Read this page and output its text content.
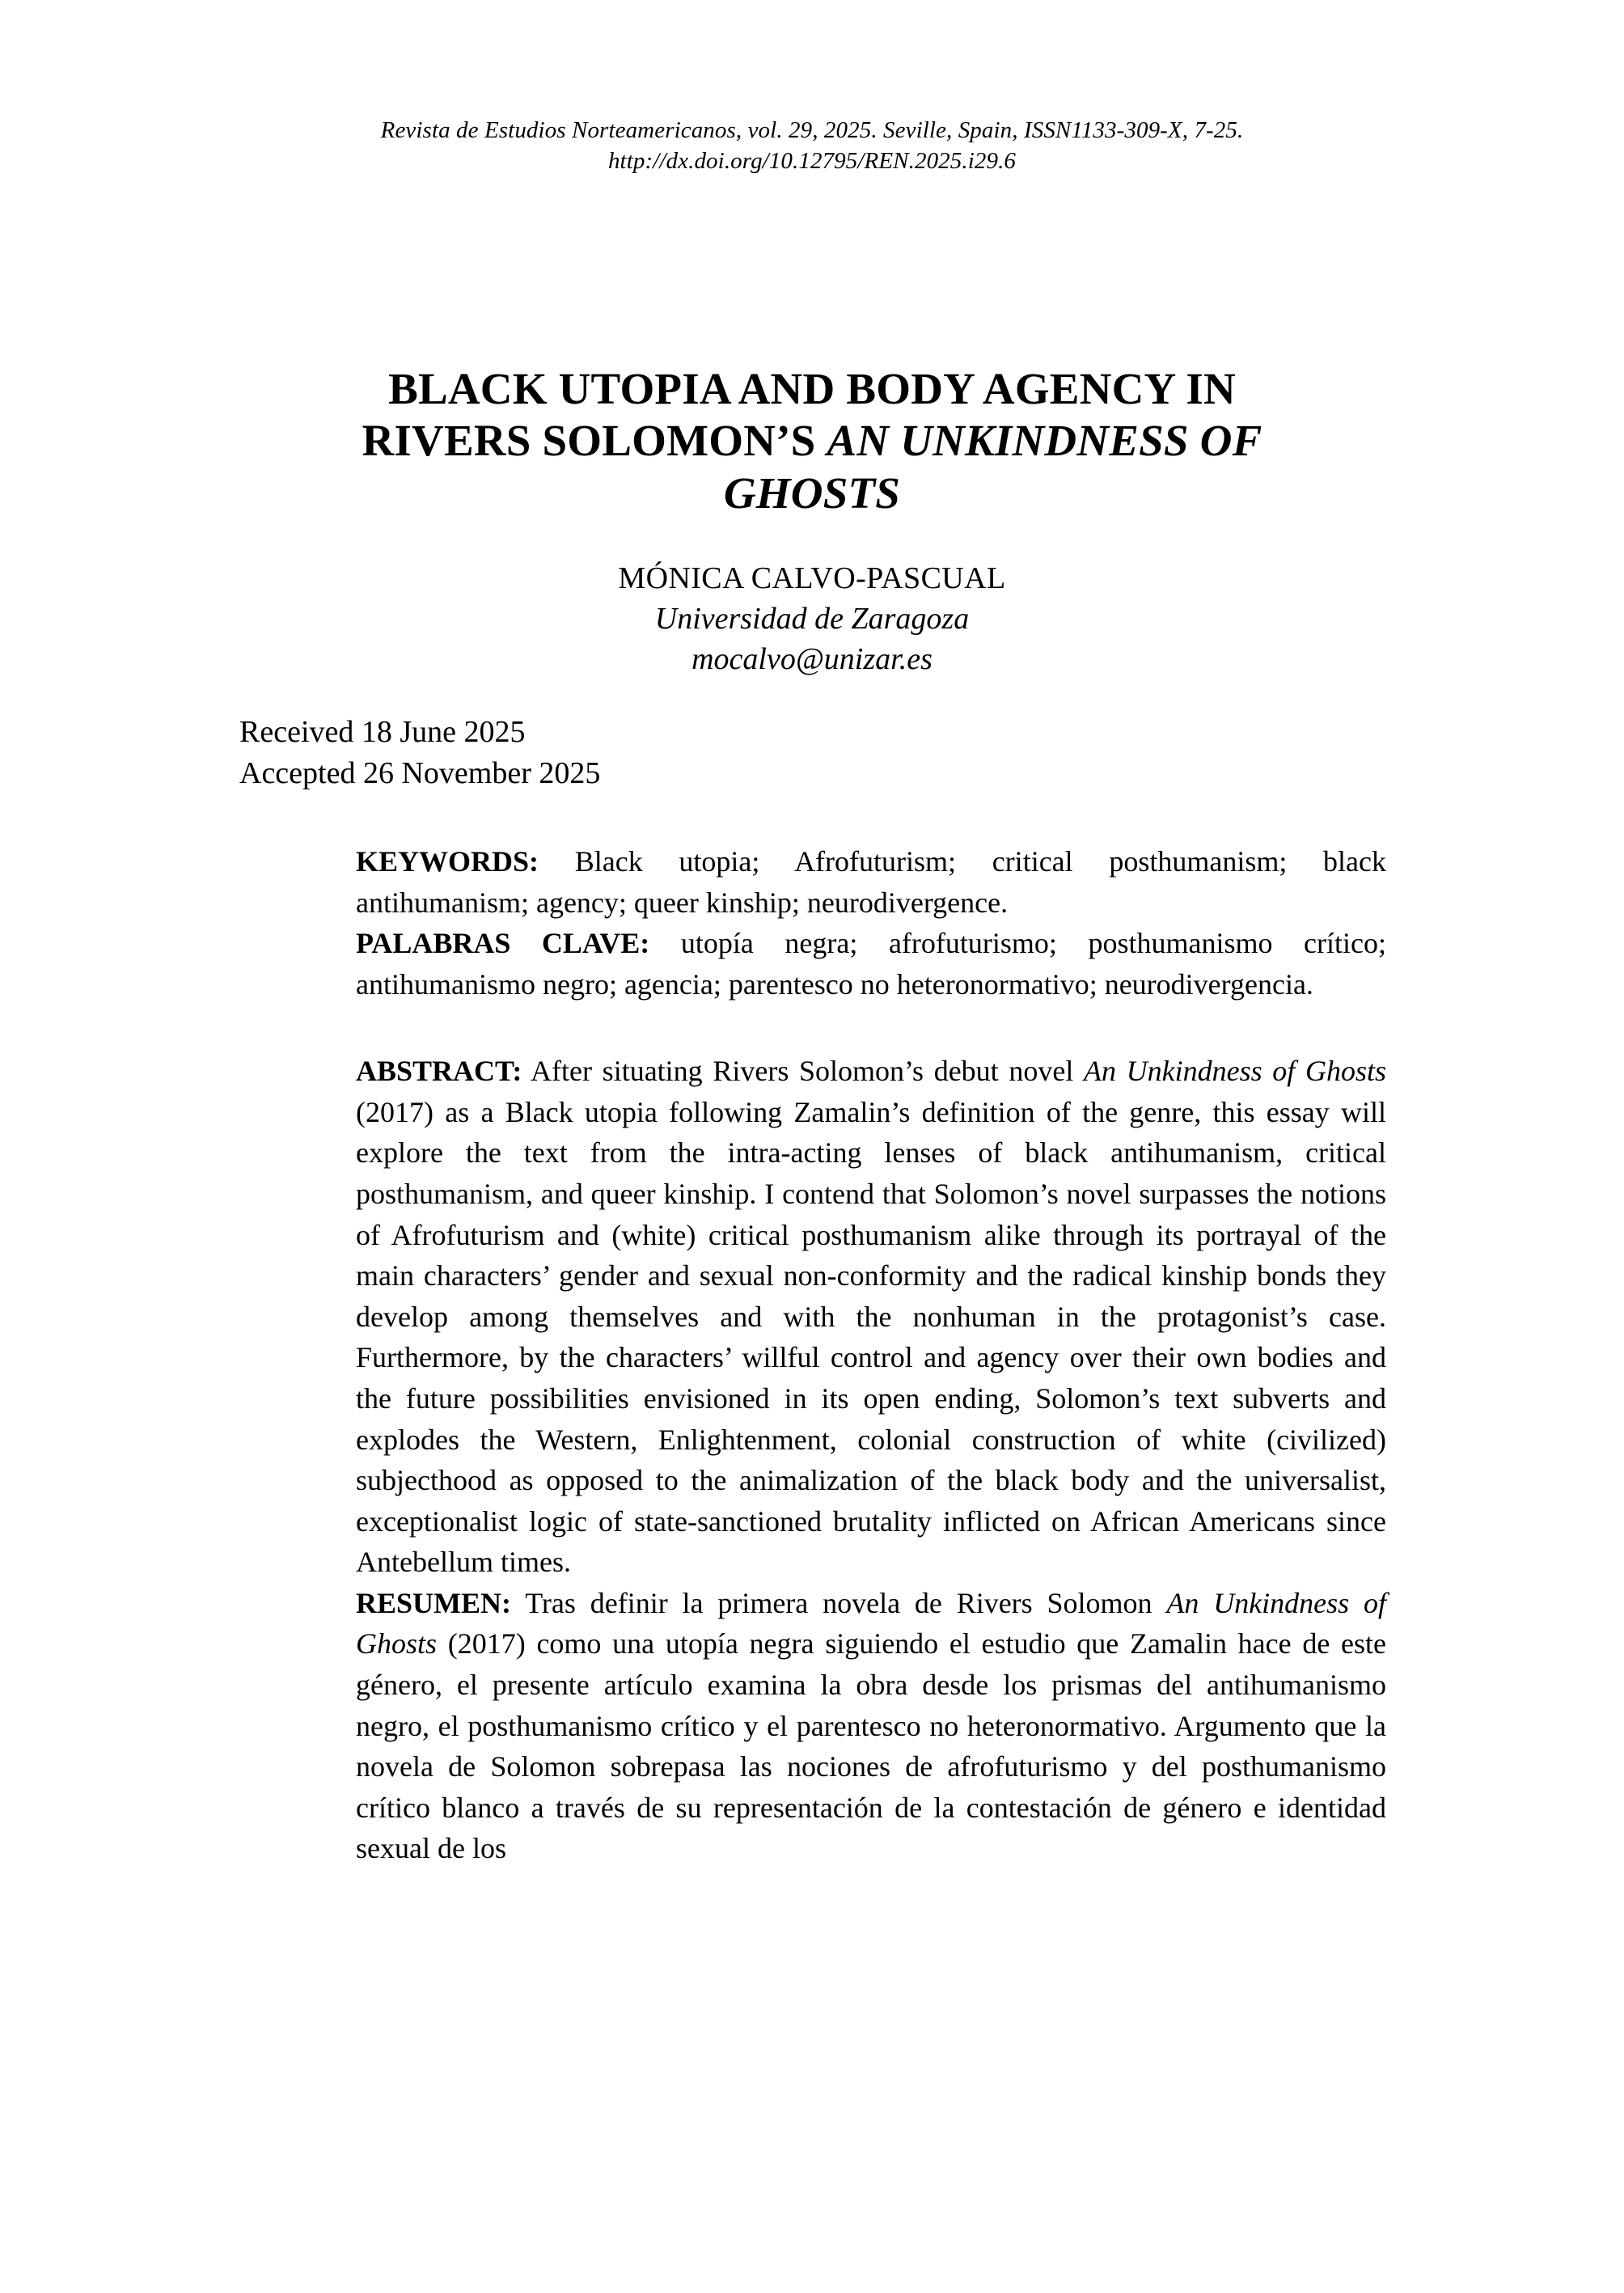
Revista de Estudios Norteamericanos, vol. 29, 2025. Seville, Spain, ISSN1133-309-X, 7-25.
http://dx.doi.org/10.12795/REN.2025.i29.6
BLACK UTOPIA AND BODY AGENCY IN
RIVERS SOLOMON’S AN UNKINDNESS OF
GHOSTS
MÓNICA CALVO-PASCUAL
Universidad de Zaragoza
mocalvo@unizar.es
Received 18 June 2025
Accepted 26 November 2025

KEYWORDS: Black utopia; Afrofuturism; critical posthumanism; black antihumanism; agency; queer kinship; neurodivergence.

PALABRAS CLAVE: utopía negra; afrofuturismo; posthumanismo crítico; antihumanismo negro; agencia; parentesco no heteronormativo; neurodivergencia.

ABSTRACT: After situating Rivers Solomon’s debut novel An Unkindness of Ghosts (2017) as a Black utopia following Zamalin’s definition of the genre, this essay will explore the text from the intra-acting lenses of black antihumanism, critical posthumanism, and queer kinship. I contend that Solomon’s novel surpasses the notions of Afrofuturism and (white) critical posthumanism alike through its portrayal of the main characters’ gender and sexual non-conformity and the radical kinship bonds they develop among themselves and with the nonhuman in the protagonist’s case. Furthermore, by the characters’ willful control and agency over their own bodies and the future possibilities envisioned in its open ending, Solomon’s text subverts and explodes the Western, Enlightenment, colonial construction of white (civilized) subjecthood as opposed to the animalization of the black body and the universalist, exceptionalist logic of state-sanctioned brutality inflicted on African Americans since Antebellum times.

RESUMEN: Tras definir la primera novela de Rivers Solomon An Unkindness of Ghosts (2017) como una utopía negra siguiendo el estudio que Zamalin hace de este género, el presente artículo examina la obra desde los prismas del antihumanismo negro, el posthumanismo crítico y el parentesco no heteronormativo. Argumento que la novela de Solomon sobrepasa las nociones de afrofuturismo y del posthumanismo crítico blanco a través de su representación de la contestación de género e identidad sexual de los
